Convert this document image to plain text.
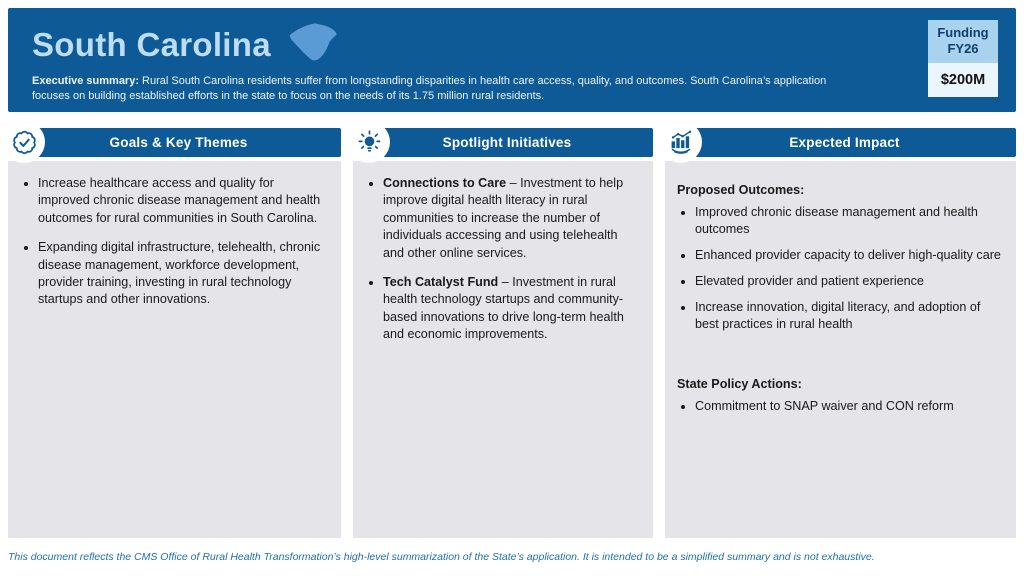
South Carolina
Executive summary: Rural South Carolina residents suffer from longstanding disparities in health care access, quality, and outcomes. South Carolina’s application focuses on building established efforts in the state to focus on the needs of its 1.75 million rural residents.
Funding
FY26
$200M
Goals & Key Themes
• Increase healthcare access and quality for improved chronic disease management and health outcomes for rural communities in South Carolina.
• Expanding digital infrastructure, telehealth, chronic disease management, workforce development, provider training, investing in rural technology startups and other innovations.
Spotlight Initiatives
• Connections to Care – Investment to help improve digital health literacy in rural communities to increase the number of individuals accessing and using telehealth and other online services.
• Tech Catalyst Fund – Investment in rural health technology startups and community-based innovations to drive long-term health and economic improvements.
Expected Impact
Proposed Outcomes:
• Improved chronic disease management and health outcomes
• Enhanced provider capacity to deliver high-quality care
• Elevated provider and patient experience
• Increase innovation, digital literacy, and adoption of best practices in rural health
State Policy Actions:
• Commitment to SNAP waiver and CON reform
This document reflects the CMS Office of Rural Health Transformation’s high-level summarization of the State’s application. It is intended to be a simplified summary and is not exhaustive.
